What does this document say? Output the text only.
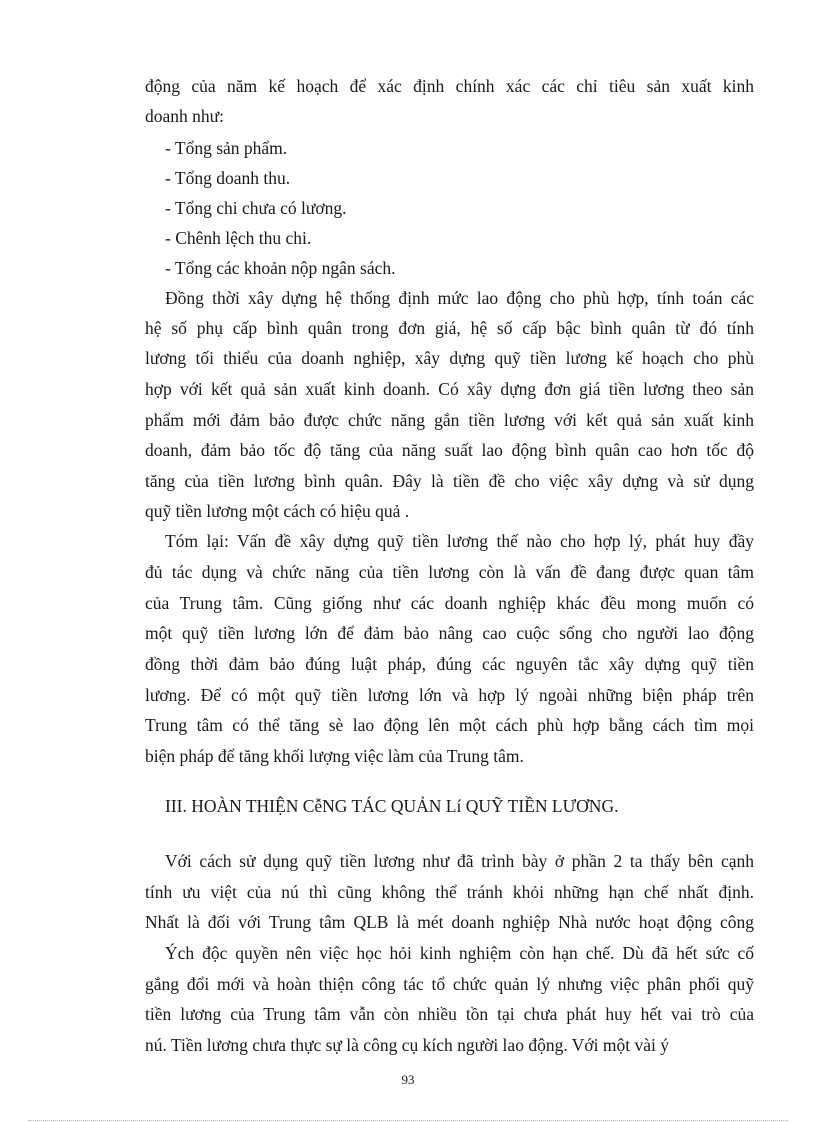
động của năm kế hoạch để xác định chính xác các chỉ tiêu sản xuất kinh

doanh như:

- Tổng sản phẩm.

- Tổng doanh thu.

- Tổng chi chưa có lương.

- Chênh lệch thu chi.

- Tổng các khoản nộp ngân sách.

Đồng thời xây dựng hệ thống định mức lao động cho phù hợp, tính toán các

hệ số phụ cấp bình quân trong đơn giá, hệ số cấp bậc bình quân từ đó tính

lương tối thiểu của doanh nghiệp, xây dựng quỹ tiền lương kế hoạch cho phù

hợp với kết quả sản xuất kinh doanh. Có xây dựng đơn giá tiền lương theo sản

phẩm mới đảm bảo được chức năng gắn tiền lương với kết quả sản xuất kinh

doanh, đảm bảo tốc độ tăng của năng suất lao động bình quân cao hơn tốc độ

tăng của tiền lương bình quân. Đây là tiền đề cho việc xây dựng và sử dụng

quỹ tiền lương một cách có hiệu quả .

Tóm lại: Vấn đề xây dựng quỹ tiền lương thế nào cho hợp lý, phát huy đầy

đủ tác dụng và chức năng của tiền lương còn là vấn đề đang được quan tâm

của Trung tâm. Cũng giống như các doanh nghiệp khác đều mong muốn có

một quỹ tiền lương lớn để đảm bảo nâng cao cuộc sống cho người lao động

đồng thời đảm bảo đúng luật pháp, đúng các nguyên tắc xây dựng quỹ tiền

lương. Để có một quỹ tiền lương lớn và hợp lý ngoài những biện pháp trên

Trung tâm có thể tăng sè lao động lên một cách phù hợp bằng cách tìm mọi

biện pháp để tăng khối lượng việc làm của Trung tâm.

III. HOÀN THIỆN CễNG TÁC QUẢN Lí QUỸ TIỀN LƯƠNG.

Với cách sử dụng quỹ tiền lương như đã trình bày ở phần 2 ta thấy bên cạnh

tính ưu việt của nú thì cũng không thể tránh khỏi những hạn chế nhất định.

Nhất là đối với Trung tâm QLB là mét doanh nghiệp Nhà nước hoạt động công

Ých độc quyền nên việc học hỏi kinh nghiệm còn hạn chế. Dù đã hết sức cố

gắng đổi mới và hoàn thiện công tác tổ chức quản lý nhưng việc phân phối quỹ

tiền lương của Trung tâm vẫn còn nhiều tồn tại chưa phát huy hết vai trò của

nú. Tiền lương chưa thực sự là công cụ kích người lao động. Với một vài ý

93
